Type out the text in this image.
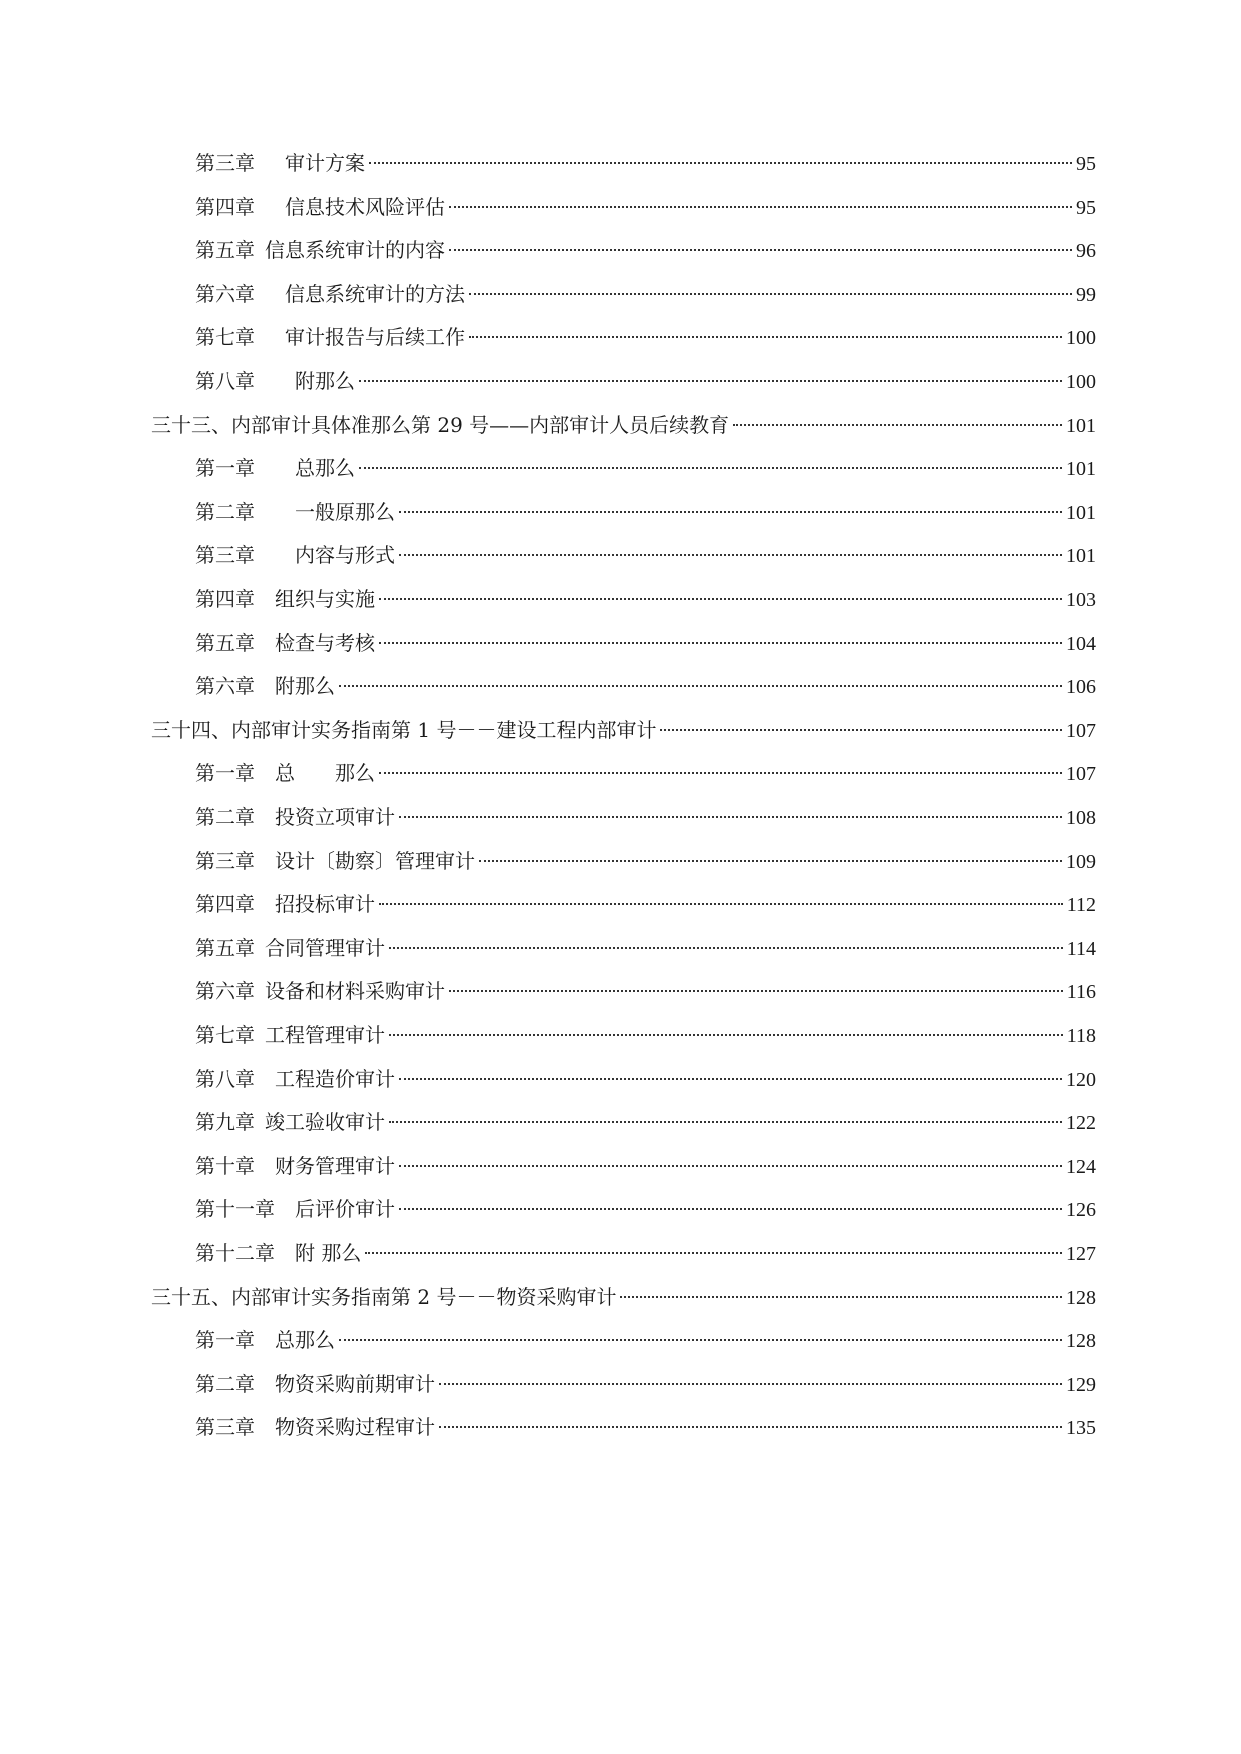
第三章 审计方案	95
第四章 信息技术风险评估	95
第五章 信息系统审计的内容	96
第六章 信息系统审计的方法	99
第七章 审计报告与后续工作	100
第八章 附那么	100
三十三、内部审计具体准那么第 29 号——内部审计人员后续教育	101
第一章 总那么	101
第二章 一般原那么	101
第三章 内容与形式	101
第四章 组织与实施	103
第五章 检查与考核	104
第六章 附那么	106
三十四、内部审计实务指南第 1 号－－建设工程内部审计	107
第一章 总　　那么	107
第二章 投资立项审计	108
第三章 设计〔勘察〕管理审计	109
第四章 招投标审计	112
第五章 合同管理审计	114
第六章 设备和材料采购审计	116
第七章 工程管理审计	118
第八章 工程造价审计	120
第九章 竣工验收审计	122
第十章 财务管理审计	124
第十一章 后评价审计	126
第十二章 附 那么	127
三十五、内部审计实务指南第 2 号－－物资采购审计	128
第一章 总那么	128
第二章 物资采购前期审计	129
第三章 物资采购过程审计	135
